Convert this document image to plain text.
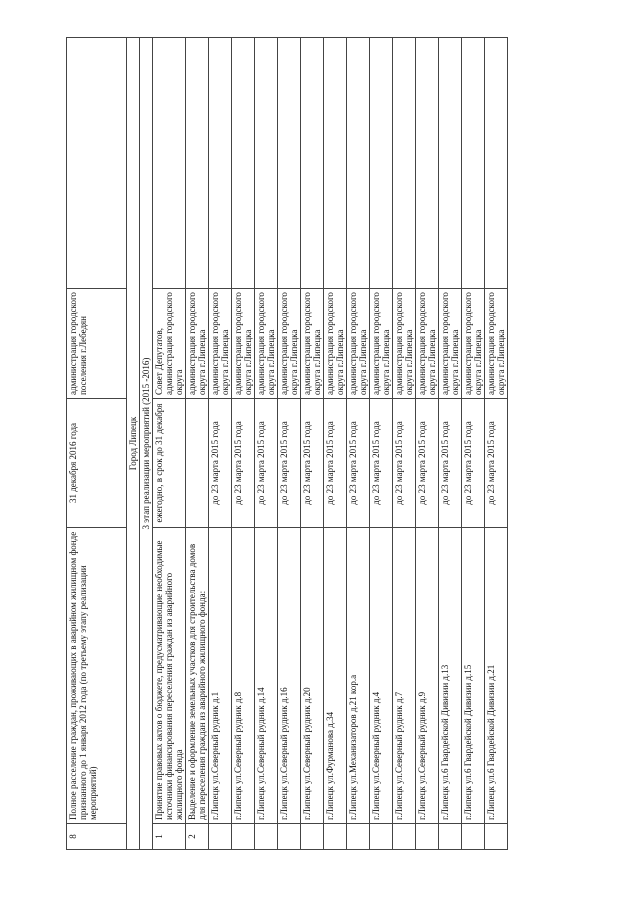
8	Полное расселение граждан, проживающих в аварийном жилищном фонде признанного до 1 января 2012 года (по третьему этапу реализации мероприятий)	31 декабря 2016 года	администрация городского поселения г.Лебедян	
Город Липецк				
3 этап реализации мероприятий (2015 -2016)				
1	Принятие правовых актов о бюджете, предусматривающие необходимые источники финансирования переселения граждан из аварийного жилищного фонда	ежегодно, в срок до 31 декабря	Совет Депутатов, администрация городского округа	
2	Выделение и оформление земельных участков для строительства домов для переселения граждан из аварийного жилищного фонда:		администрация городского округа г.Липецка	
	г.Липецк ул.Северный рудник д.1	до 23 марта 2015 года	администрация городского округа г.Липецка	
	г.Липецк ул.Северный рудник д.8	до 23 марта 2015 года	администрация городского округа г.Липецка	
	г.Липецк ул.Северный рудник д.14	до 23 марта 2015 года	администрация городского округа г.Липецка	
	г.Липецк ул.Северный рудник д.16	до 23 марта 2015 года	администрация городского округа г.Липецка	
	г.Липецк ул.Северный рудник д.20	до 23 марта 2015 года	администрация городского округа г.Липецка	
	г.Липецк ул.Фурманова д.34	до 23 марта 2015 года	администрация городского округа г.Липецка	
	г.Липецк ул.Механизаторов д.21 кор.а	до 23 марта 2015 года	администрация городского округа г.Липецка	
	г.Липецк ул.Северный рудник д.4	до 23 марта 2015 года	администрация городского округа г.Липецка	
	г.Липецк ул.Северный рудник д.7	до 23 марта 2015 года	администрация городского округа г.Липецка	
	г.Липецк ул.Северный рудник д.9	до 23 марта 2015 года	администрация городского округа г.Липецка	
	г.Липецк ул.6 Гвардейской Дивизии д.13	до 23 марта 2015 года	администрация городского округа г.Липецка	
	г.Липецк ул.6 Гвардейской Дивизии д.15	до 23 марта 2015 года	администрация городского округа г.Липецка	
	г.Липецк ул.6 Гвардейской Дивизии д.21	до 23 марта 2015 года	администрация городского округа г.Липецка	
